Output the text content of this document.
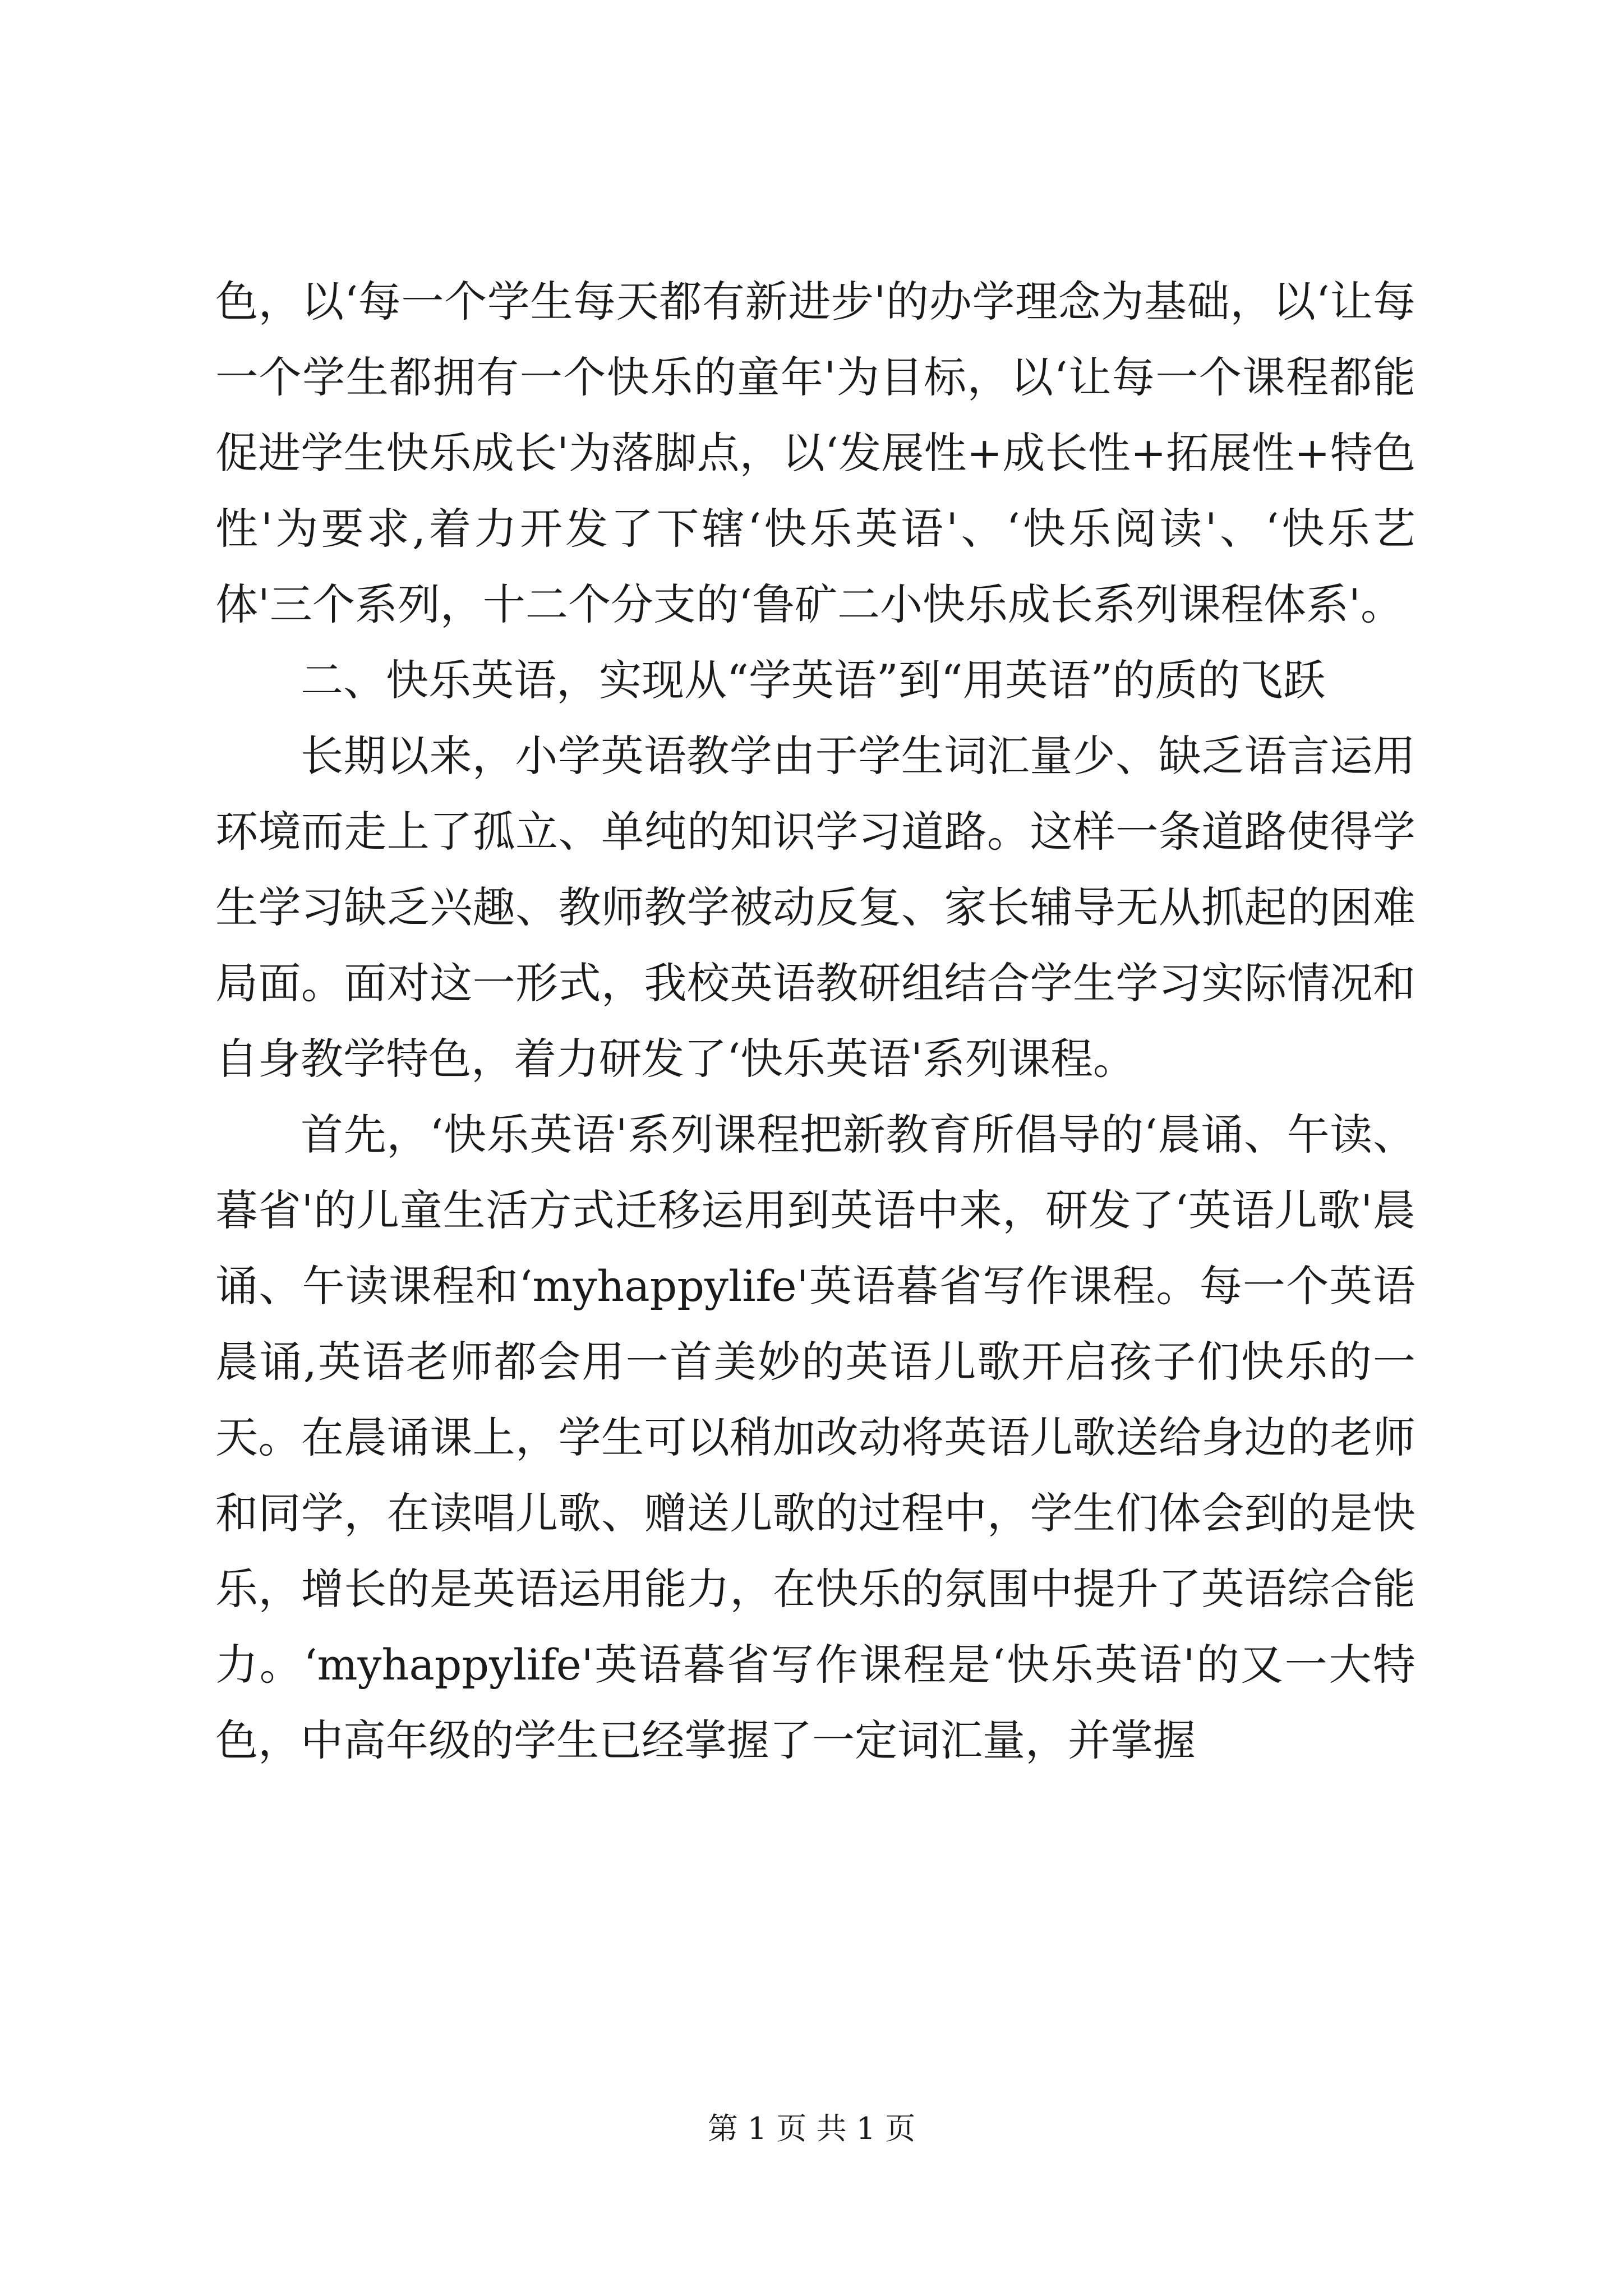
色，以‘每一个学生每天都有新进步'的办学理念为基础，以‘让每一个学生都拥有一个快乐的童年'为目标，以‘让每一个课程都能促进学生快乐成长'为落脚点，以‘发展性+成长性+拓展性+特色性'为要求,着力开发了下辖‘快乐英语'、‘快乐阅读'、‘快乐艺体'三个系列，十二个分支的‘鲁矿二小快乐成长系列课程体系'。

二、快乐英语，实现从“学英语”到“用英语”的质的飞跃

长期以来，小学英语教学由于学生词汇量少、缺乏语言运用环境而走上了孤立、单纯的知识学习道路。这样一条道路使得学生学习缺乏兴趣、教师教学被动反复、家长辅导无从抓起的困难局面。面对这一形式，我校英语教研组结合学生学习实际情况和自身教学特色，着力研发了‘快乐英语'系列课程。

首先，‘快乐英语'系列课程把新教育所倡导的‘晨诵、午读、暮省'的儿童生活方式迁移运用到英语中来，研发了‘英语儿歌'晨诵、午读课程和‘myhappylife'英语暮省写作课程。每一个英语晨诵,英语老师都会用一首美妙的英语儿歌开启孩子们快乐的一天。在晨诵课上，学生可以稍加改动将英语儿歌送给身边的老师和同学，在读唱儿歌、赠送儿歌的过程中，学生们体会到的是快乐，增长的是英语运用能力，在快乐的氛围中提升了英语综合能力。‘myhappylife'英语暮省写作课程是‘快乐英语'的又一大特色，中高年级的学生已经掌握了一定词汇量，并掌握

第 1 页 共 1 页
